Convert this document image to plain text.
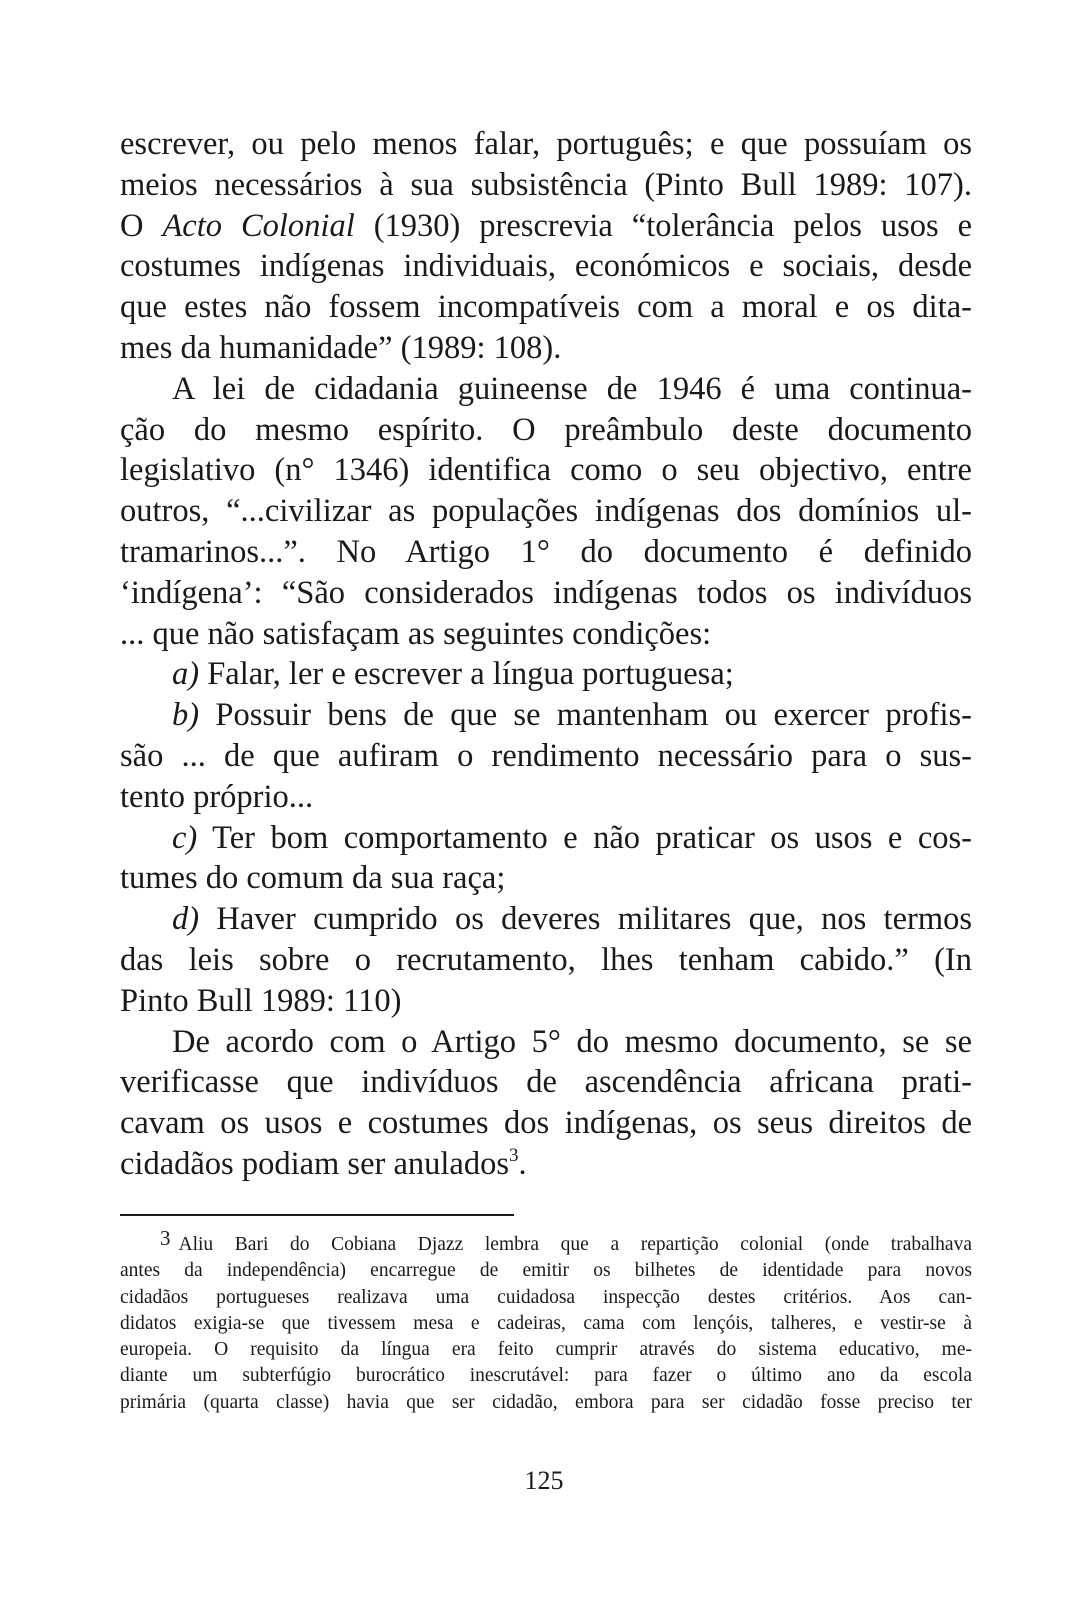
escrever, ou pelo menos falar, português; e que possuíam os
meios necessários à sua subsistência (Pinto Bull 1989: 107).
O Acto Colonial (1930) prescrevia “tolerância pelos usos e
costumes indígenas individuais, económicos e sociais, desde
que estes não fossem incompatíveis com a moral e os dita-
mes da humanidade” (1989: 108).
A lei de cidadania guineense de 1946 é uma continua-
ção do mesmo espírito. O preâmbulo deste documento
legislativo (n° 1346) identifica como o seu objectivo, entre
outros, “...civilizar as populações indígenas dos domínios ul-
tramarinos...”. No Artigo 1° do documento é definido
‘indígena’: “São considerados indígenas todos os indivíduos
... que não satisfaçam as seguintes condições:
a) Falar, ler e escrever a língua portuguesa;
b) Possuir bens de que se mantenham ou exercer profis-
são ... de que aufiram o rendimento necessário para o sus-
tento próprio...
c) Ter bom comportamento e não praticar os usos e cos-
tumes do comum da sua raça;
d) Haver cumprido os deveres militares que, nos termos
das leis sobre o recrutamento, lhes tenham cabido.” (In
Pinto Bull 1989: 110)
De acordo com o Artigo 5° do mesmo documento, se se
verificasse que indivíduos de ascendência africana prati-
cavam os usos e costumes dos indígenas, os seus direitos de
cidadãos podiam ser anulados$^3$.
3 Aliu Bari do Cobiana Djazz lembra que a repartição colonial (onde trabalhava
antes da independência) encarregue de emitir os bilhetes de identidade para novos
cidadãos portugueses realizava uma cuidadosa inspecção destes critérios. Aos can-
didatos exigia-se que tivessem mesa e cadeiras, cama com lençóis, talheres, e vestir-se à
europeia. O requisito da língua era feito cumprir através do sistema educativo, me-
diante um subterfúgio burocrático inescrutável: para fazer o último ano da escola
primária (quarta classe) havia que ser cidadão, embora para ser cidadão fosse preciso ter
125
